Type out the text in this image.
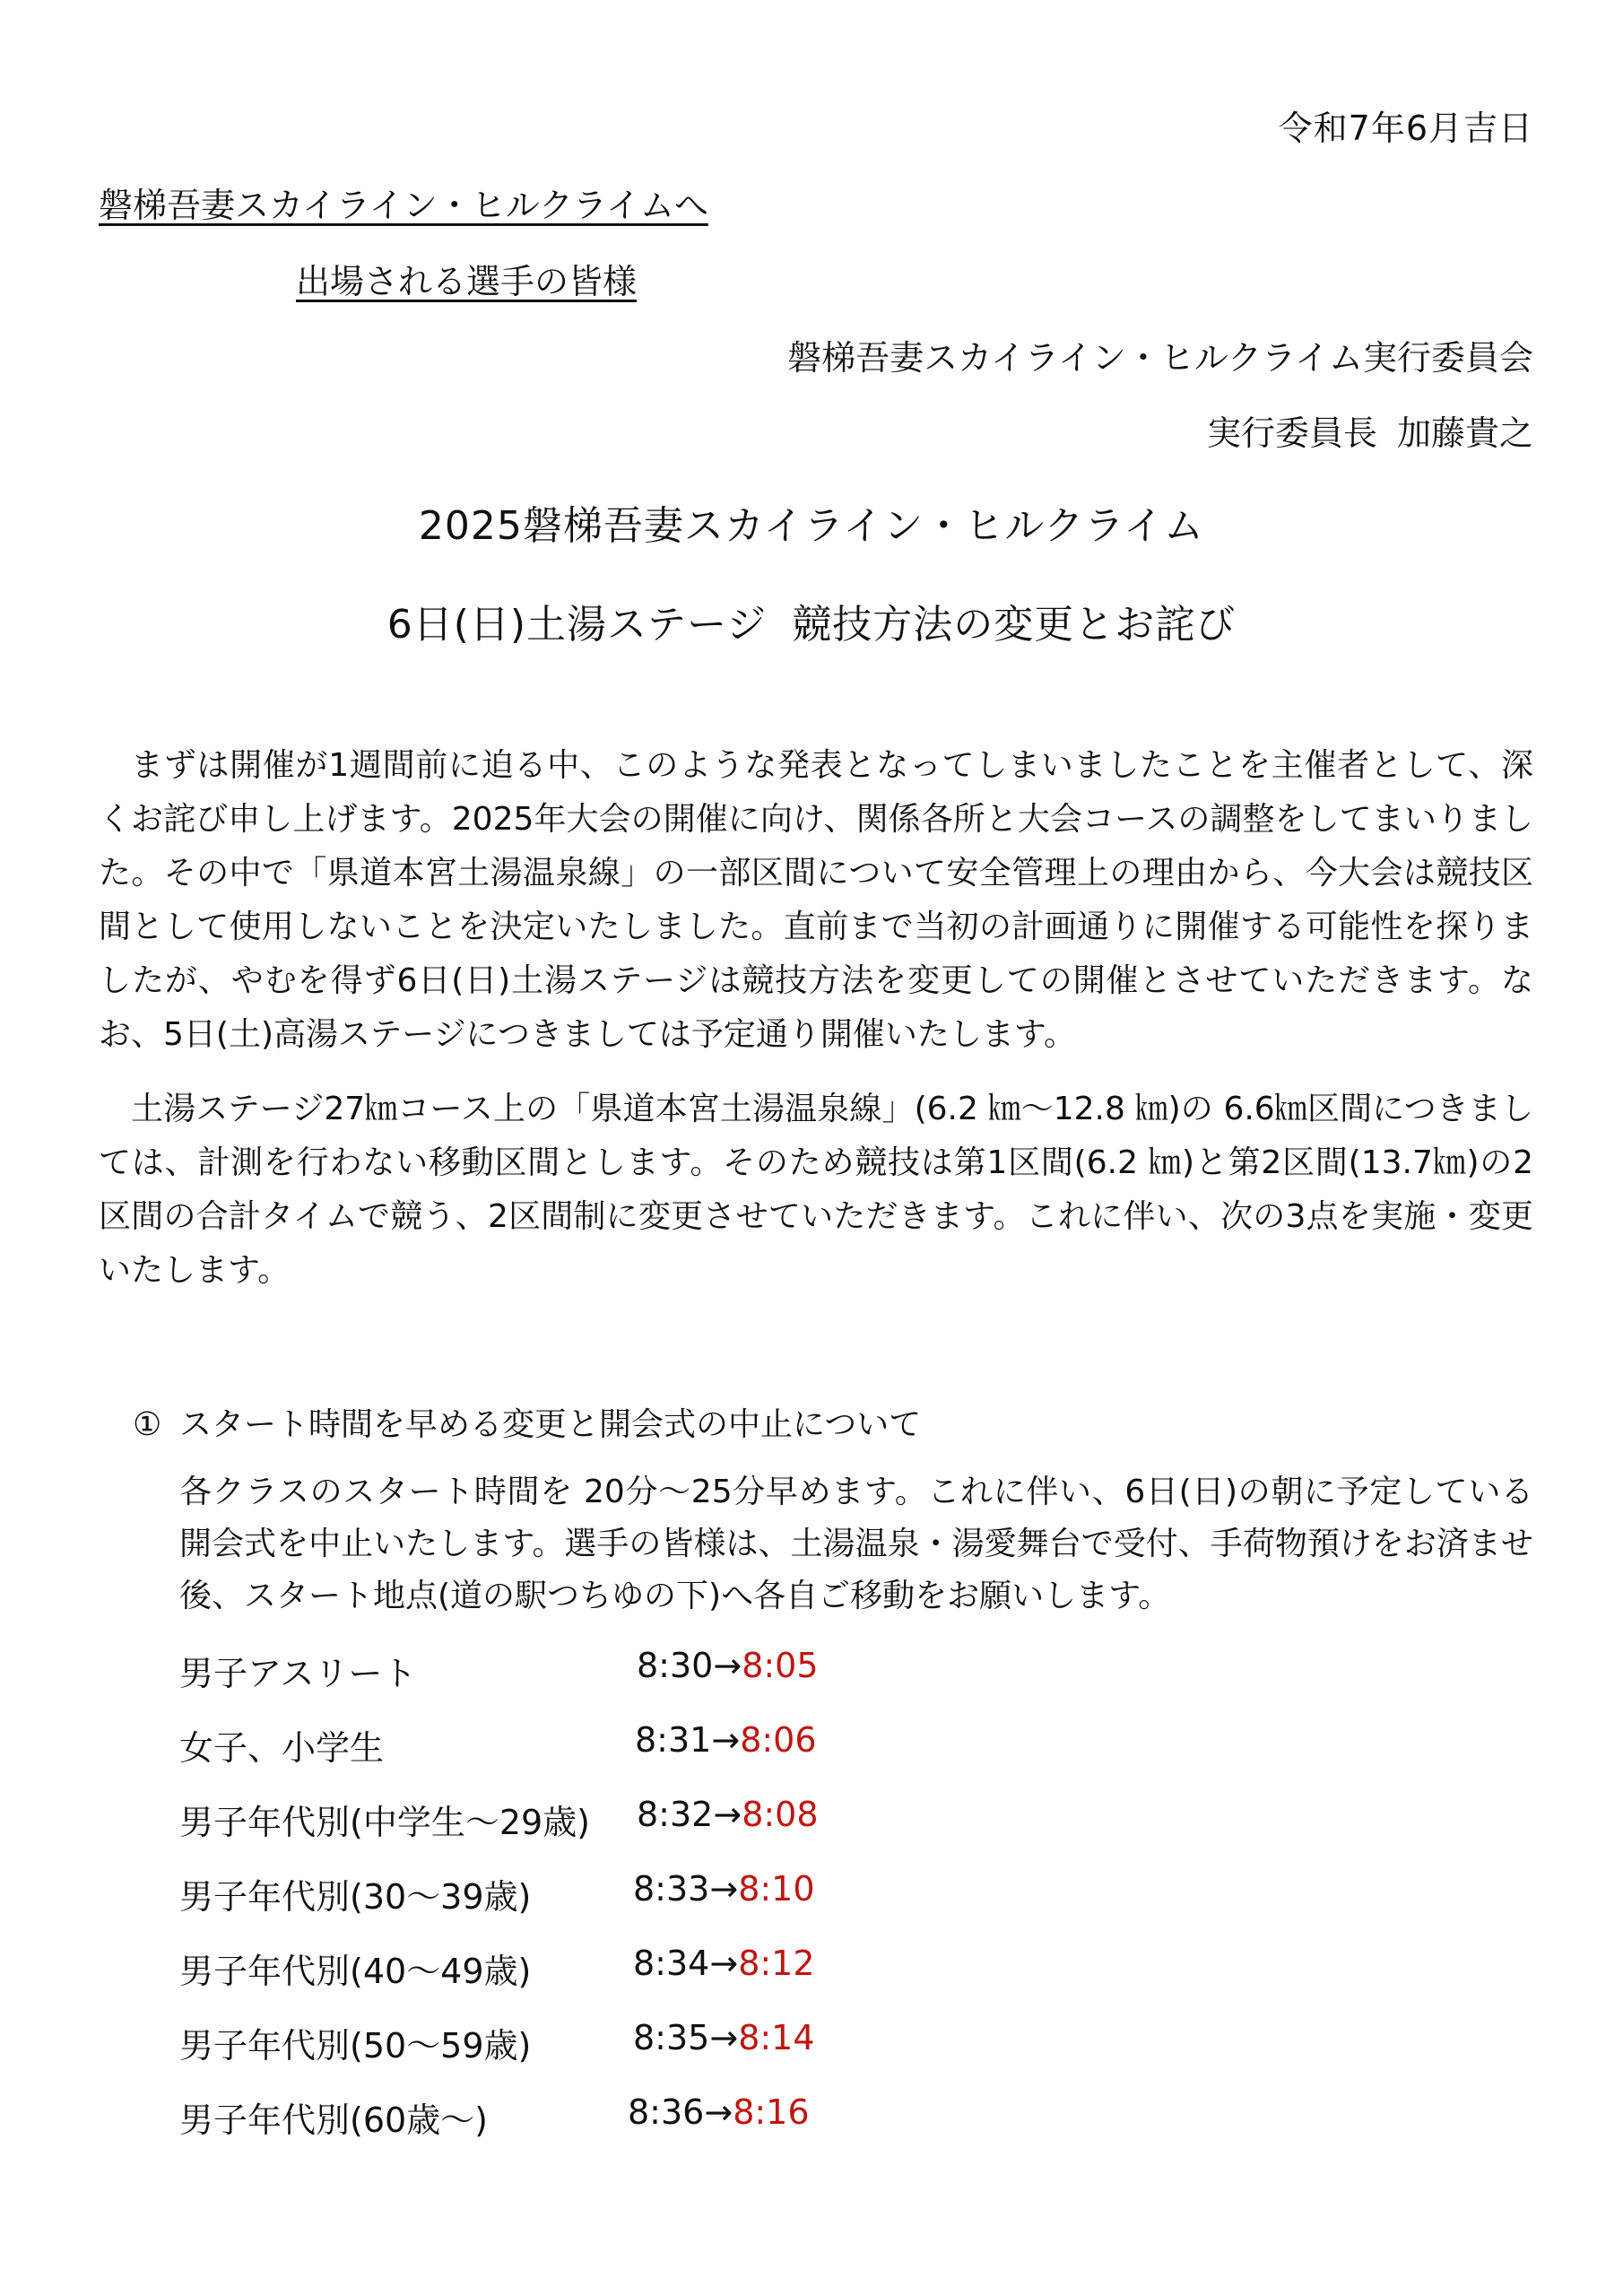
令和7年6月吉日
磐梯吾妻スカイライン・ヒルクライムへ
出場される選手の皆様
磐梯吾妻スカイライン・ヒルクライム実行委員会
実行委員長 加藤貴之
2025磐梯吾妻スカイライン・ヒルクライム
6日(日)土湯ステージ 競技方法の変更とお詫び

まずは開催が1週間前に迫る中、このような発表となってしまいましたことを主催者として、深くお詫び申し上げます。2025年大会の開催に向け、関係各所と大会コースの調整をしてまいりました。その中で「県道本宮土湯温泉線」の一部区間について安全管理上の理由から、今大会は競技区間として使用しないことを決定いたしました。直前まで当初の計画通りに開催する可能性を探りましたが、やむを得ず6日(日)土湯ステージは競技方法を変更しての開催とさせていただきます。なお、5日(土)高湯ステージにつきましては予定通り開催いたします。

土湯ステージ27㎞コース上の「県道本宮土湯温泉線」(6.2 ㎞～12.8 ㎞)の 6.6㎞区間につきましては、計測を行わない移動区間とします。そのため競技は第1区間(6.2 ㎞)と第2区間(13.7㎞)の2区間の合計タイムで競う、2区間制に変更させていただきます。これに伴い、次の3点を実施・変更いたします。

① スタート時間を早める変更と開会式の中止について

各クラスのスタート時間を 20分～25分早めます。これに伴い、6日(日)の朝に予定している開会式を中止いたします。選手の皆様は、土湯温泉・湯愛舞台で受付、手荷物預けをお済ませ後、スタート地点(道の駅つちゆの下)へ各自ご移動をお願いします。

男子アスリート	8:30→8:05
女子、小学生	8:31→8:06
男子年代別(中学生～29歳) 8:32→8:08
男子年代別(30～39歳)	8:33→8:10
男子年代別(40～49歳)	8:34→8:12
男子年代別(50～59歳)	8:35→8:14
男子年代別(60歳～)	8:36→8:16
